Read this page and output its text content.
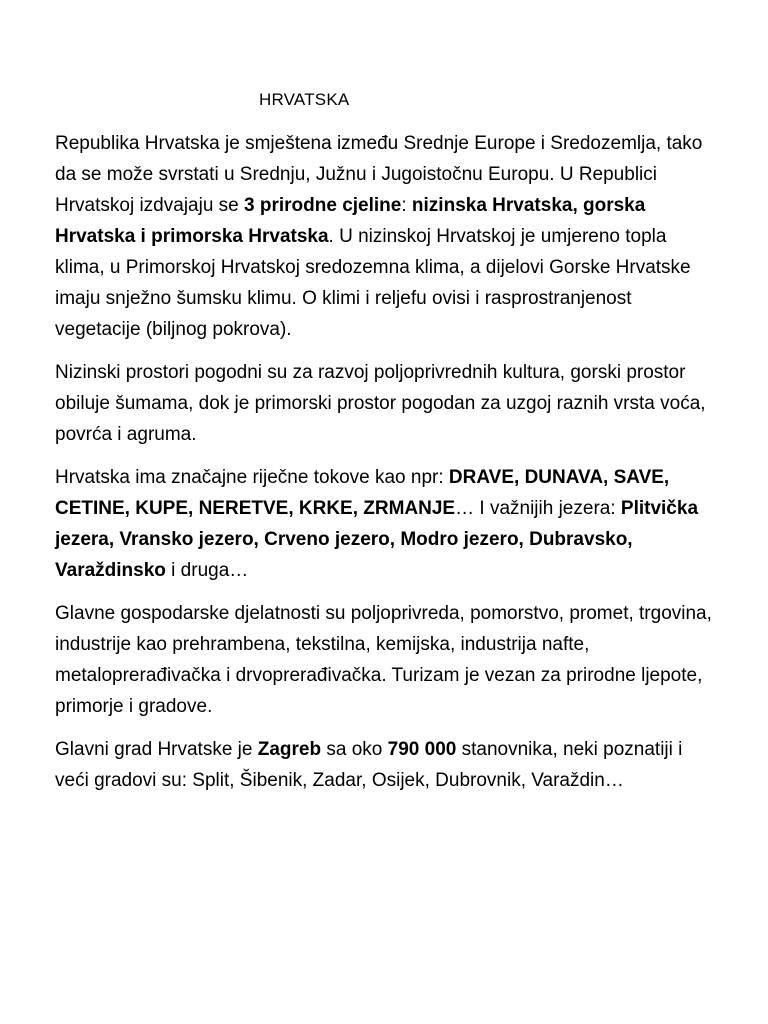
HRVATSKA

Republika Hrvatska je smještena između Srednje Europe i Sredozemlja, tako da se može svrstati u Srednju, Južnu i Jugoistočnu Europu. U Republici Hrvatskoj izdvajaju se 3 prirodne cjeline: nizinska Hrvatska, gorska Hrvatska i primorska Hrvatska. U nizinskoj Hrvatskoj je umjereno topla klima, u Primorskoj Hrvatskoj sredozemna klima, a dijelovi Gorske Hrvatske imaju snježno šumsku klimu. O klimi i reljefu ovisi i rasprostranjenost vegetacije (biljnog pokrova).

Nizinski prostori pogodni su za razvoj poljoprivrednih kultura, gorski prostor obiluje šumama, dok je primorski prostor pogodan za uzgoj raznih vrsta voća, povrća i agruma.

Hrvatska ima značajne riječne tokove kao npr: DRAVE, DUNAVA, SAVE, CETINE, KUPE, NERETVE, KRKE, ZRMANJE… I važnijih jezera: Plitvička jezera, Vransko jezero, Crveno jezero, Modro jezero, Dubravsko, Varaždinsko i druga…

Glavne gospodarske djelatnosti su poljoprivreda, pomorstvo, promet, trgovina, industrije kao prehrambena, tekstilna, kemijska, industrija nafte, metaloprerađivačka i drvoprerađivačka. Turizam je vezan za prirodne ljepote, primorje i gradove.

Glavni grad Hrvatske je Zagreb sa oko 790 000 stanovnika, neki poznatiji i veći gradovi su: Split, Šibenik, Zadar, Osijek, Dubrovnik, Varaždin…
